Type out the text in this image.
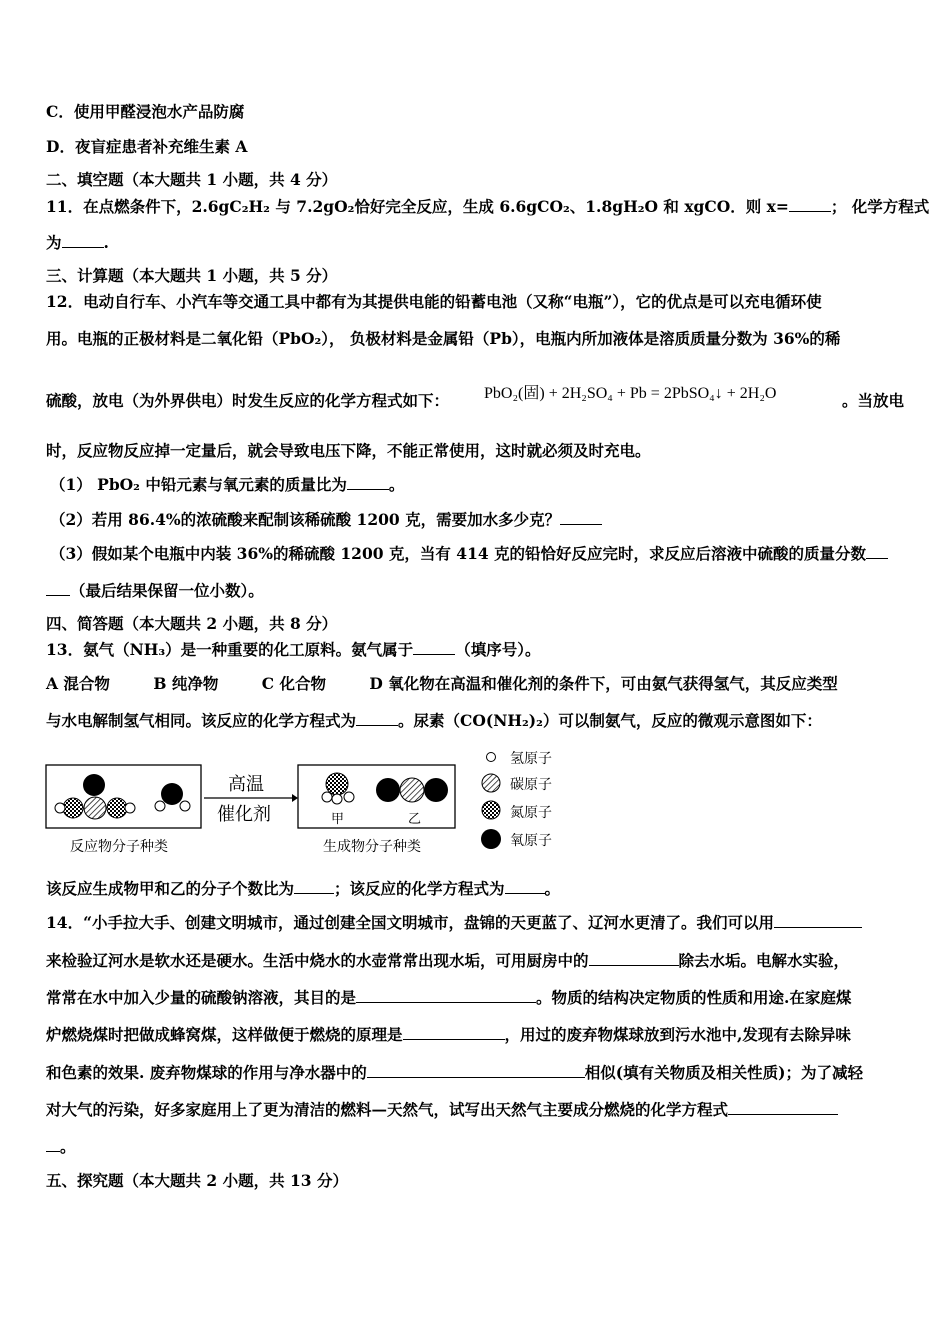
C．使用甲醛浸泡水产品防腐
D．夜盲症患者补充维生素 A
二、填空题（本大题共 1 小题，共 4 分）
11．在点燃条件下，2.6gC₂H₂ 与 7.2gO₂恰好完全反应，生成 6.6gCO₂、1.8gH₂O 和 xgCO．则 x=	； 化学方程式
为	.
三、计算题（本大题共 1 小题，共 5 分）
12．电动自行车、小汽车等交通工具中都有为其提供电能的铅蓄电池（又称“电瓶”），它的优点是可以充电循环使
用。电瓶的正极材料是二氧化铅（PbO₂）， 负极材料是金属铅（Pb），电瓶内所加液体是溶质质量分数为 36%的稀
硫酸，放电（为外界供电）时发生反应的化学方程式如下： PbO₂(固) + 2H₂SO₄ + Pb = 2PbSO₄↓ + 2H₂O	。当放电
时，反应物反应掉一定量后，就会导致电压下降，不能正常使用，这时就必须及时充电。
（1） PbO₂ 中铅元素与氧元素的质量比为	。
（2）若用 86.4%的浓硫酸来配制该稀硫酸 1200 克，需要加水多少克？
（3）假如某个电瓶中内装 36%的稀硫酸 1200 克，当有 414 克的铅恰好反应完时，求反应后溶液中硫酸的质量分数
（最后结果保留一位小数）。
四、简答题（本大题共 2 小题，共 8 分）
13．氨气（NH₃）是一种重要的化工原料。氨气属于	（填序号）。
A 混合物	B 纯净物	C 化合物	D 氧化物在高温和催化剂的条件下，可由氨气获得氢气，其反应类型
与水电解制氢气相同。该反应的化学方程式为	。尿素（CO(NH₂)₂）可以制氨气，反应的微观示意图如下：
高温
催化剂	甲	乙
反应物分子种类	生成物分子种类
氢原子
碳原子
氮原子
氧原子
该反应生成物甲和乙的分子个数比为	；该反应的化学方程式为	。
14．“小手拉大手、创建文明城市，通过创建全国文明城市，盘锦的天更蓝了、辽河水更清了。我们可以用
来检验辽河水是软水还是硬水。生活中烧水的水壶常常出现水垢，可用厨房中的	除去水垢。电解水实验，
常常在水中加入少量的硫酸钠溶液，其目的是	。物质的结构决定物质的性质和用途.在家庭煤
炉燃烧煤时把做成蜂窝煤，这样做便于燃烧的原理是	，用过的废弃物煤球放到污水池中,发现有去除异味
和色素的效果. 废弃物煤球的作用与净水器中的	相似(填有关物质及相关性质)；为了减轻
对大气的污染，好多家庭用上了更为清洁的燃料—天然气，试写出天然气主要成分燃烧的化学方程式
。
五、探究题（本大题共 2 小题，共 13 分）
